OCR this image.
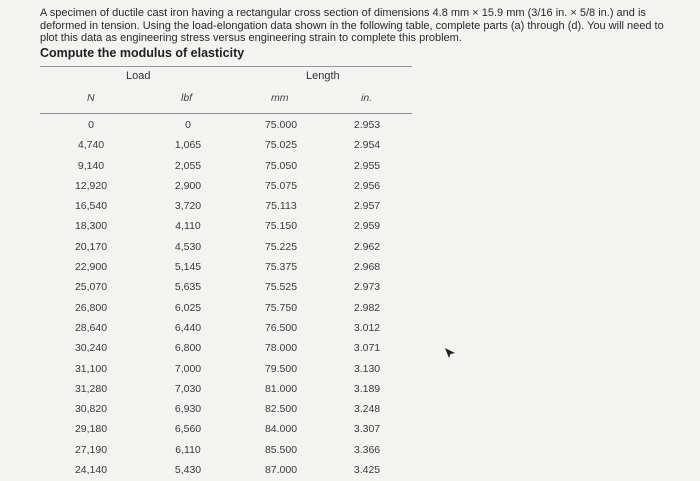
A specimen of ductile cast iron having a rectangular cross section of dimensions 4.8 mm × 15.9 mm (3/16 in. × 5/8 in.) and is deformed in tension. Using the load-elongation data shown in the following table, complete parts (a) through (d). You will need to plot this data as engineering stress versus engineering strain to complete this problem.

Compute the modulus of elasticity
Load	Length
N	lbf	mm	in.
0	0	75.000	2.953
4,740	1,065	75.025	2.954
9,140	2,055	75.050	2.955
12,920	2,900	75.075	2.956
16,540	3,720	75.113	2.957
18,300	4,110	75.150	2.959
20,170	4,530	75.225	2.962
22,900	5,145	75.375	2.968
25,070	5,635	75.525	2.973
26,800	6,025	75.750	2.982
28,640	6,440	76.500	3.012
30,240	6,800	78.000	3.071
31,100	7,000	79.500	3.130
31,280	7,030	81.000	3.189
30,820	6,930	82.500	3.248
29,180	6,560	84.000	3.307
27,190	6,110	85.500	3.366
24,140	5,430	87.000	3.425
